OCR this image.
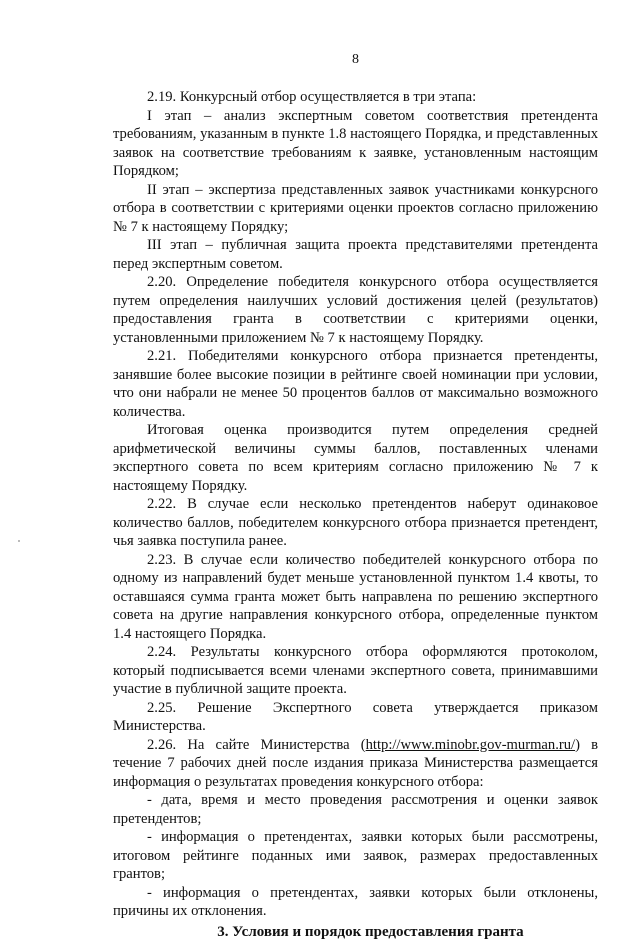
8

2.19. Конкурсный отбор осуществляется в три этапа:

I этап – анализ экспертным советом соответствия претендента требованиям, указанным в пункте 1.8 настоящего Порядка, и представленных заявок на соответствие требованиям к заявке, установленным настоящим Порядком;

II этап – экспертиза представленных заявок участниками конкурсного отбора в соответствии с критериями оценки проектов согласно приложению № 7 к настоящему Порядку;

III этап – публичная защита проекта представителями претендента перед экспертным советом.

2.20. Определение победителя конкурсного отбора осуществляется путем определения наилучших условий достижения целей (результатов) предоставления гранта в соответствии с критериями оценки, установленными приложением № 7 к настоящему Порядку.

2.21. Победителями конкурсного отбора признается претенденты, занявшие более высокие позиции в рейтинге своей номинации при условии, что они набрали не менее 50 процентов баллов от максимально возможного количества.

Итоговая оценка производится путем определения средней арифметической величины суммы баллов, поставленных членами экспертного совета по всем критериям согласно приложению № 7 к настоящему Порядку.

2.22. В случае если несколько претендентов наберут одинаковое количество баллов, победителем конкурсного отбора признается претендент, чья заявка поступила ранее.

2.23. В случае если количество победителей конкурсного отбора по одному из направлений будет меньше установленной пунктом 1.4 квоты, то оставшаяся сумма гранта может быть направлена по решению экспертного совета на другие направления конкурсного отбора, определенные пунктом 1.4 настоящего Порядка.

2.24. Результаты конкурсного отбора оформляются протоколом, который подписывается всеми членами экспертного совета, принимавшими участие в публичной защите проекта.

2.25. Решение Экспертного совета утверждается приказом Министерства.

2.26. На сайте Министерства (http://www.minobr.gov-murman.ru/) в течение 7 рабочих дней после издания приказа Министерства размещается информация о результатах проведения конкурсного отбора:

- дата, время и место проведения рассмотрения и оценки заявок претендентов;

- информация о претендентах, заявки которых были рассмотрены, итоговом рейтинге поданных ими заявок, размерах предоставленных грантов;

- информация о претендентах, заявки которых были отклонены, причины их отклонения.

3. Условия и порядок предоставления гранта
